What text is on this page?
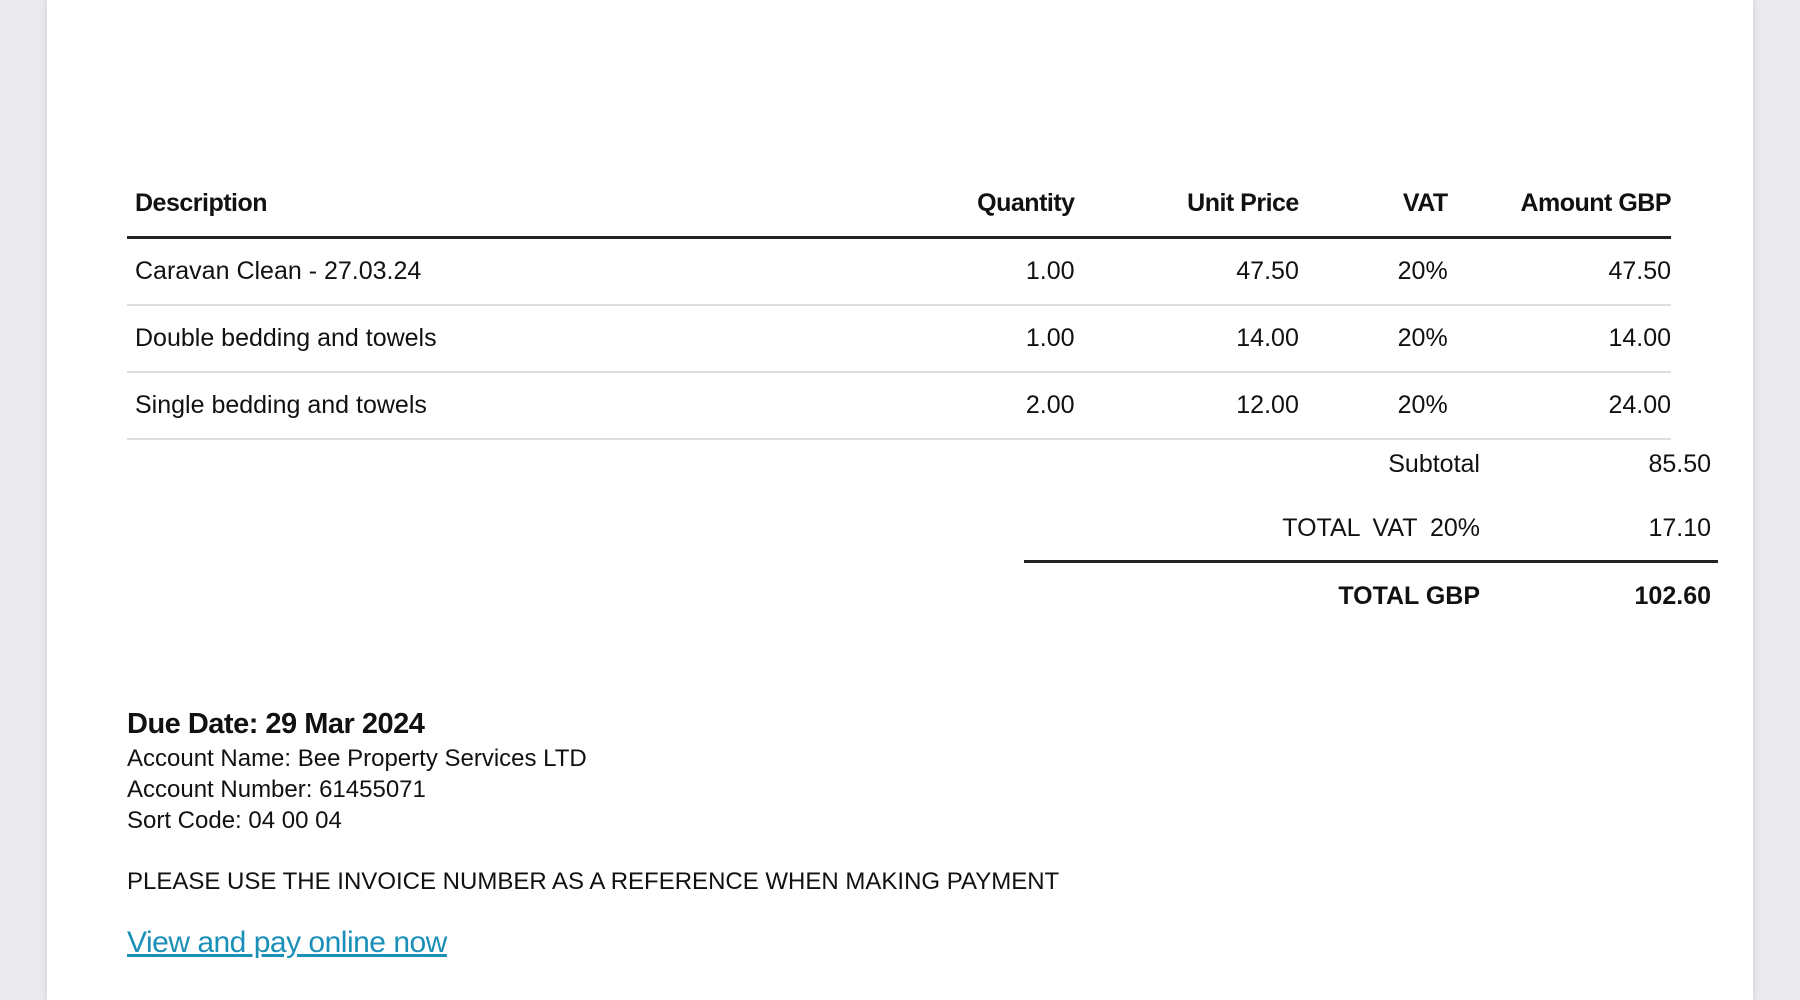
Description	Quantity	Unit Price	VAT	Amount GBP
Caravan Clean - 27.03.24	1.00	47.50	20%	47.50
Double bedding and towels	1.00	14.00	20%	14.00
Single bedding and towels	2.00	12.00	20%	24.00
Subtotal	85.50
TOTAL VAT 20%	17.10
TOTAL GBP	102.60
Due Date: 29 Mar 2024
Account Name: Bee Property Services LTD
Account Number: 61455071
Sort Code: 04 00 04
PLEASE USE THE INVOICE NUMBER AS A REFERENCE WHEN MAKING PAYMENT
View and pay online now
